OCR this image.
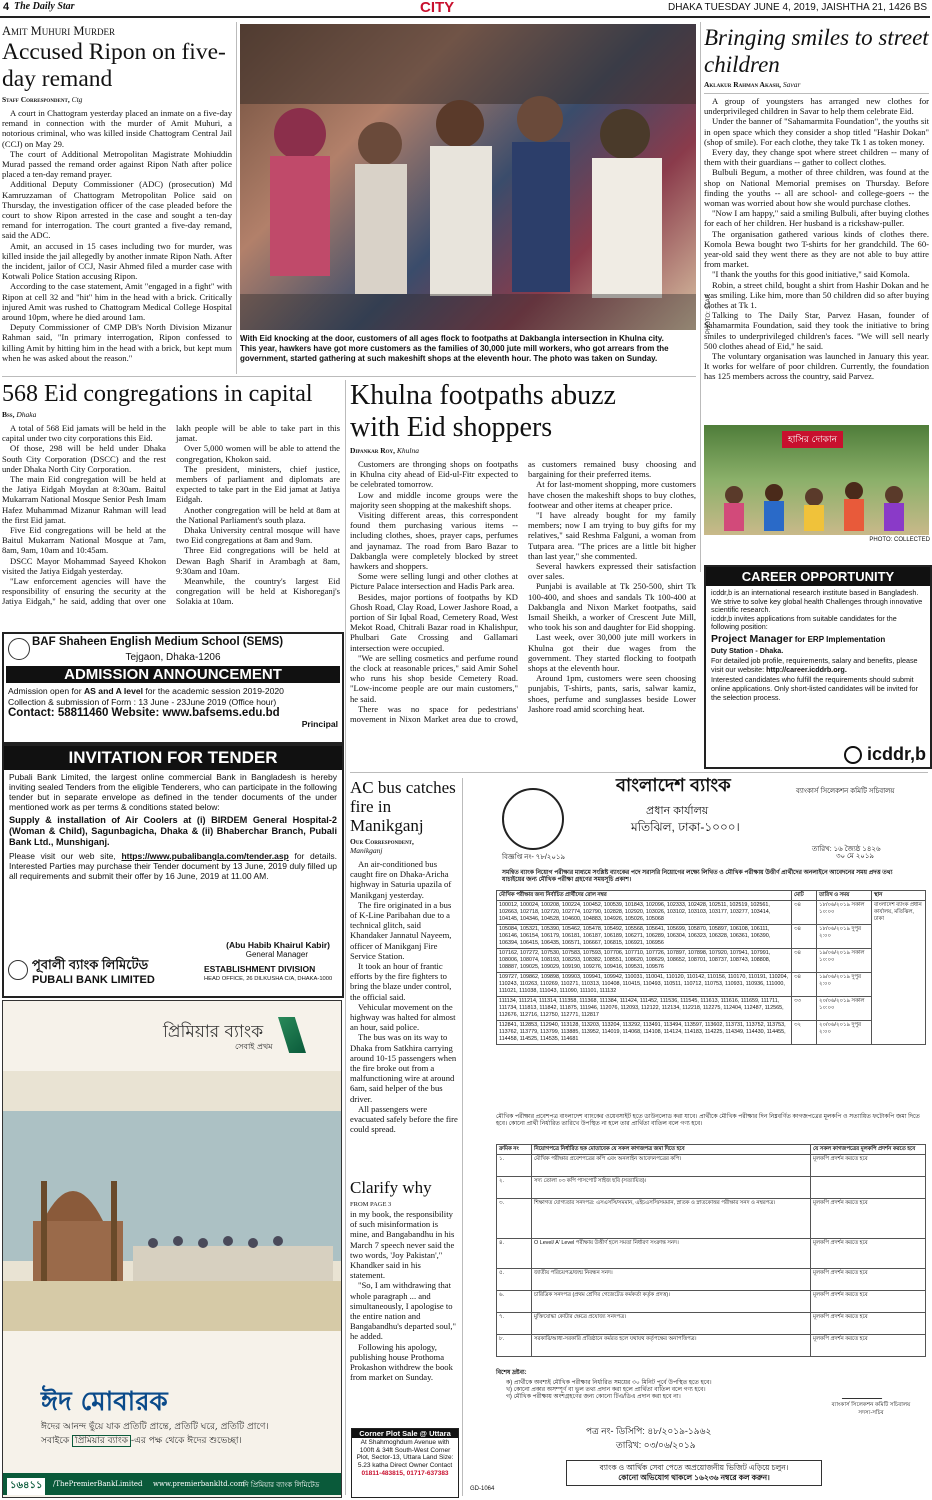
4 The Daily Star	CITY	DHAKA TUESDAY JUNE 4, 2019, JAISHTHA 21, 1426 BS
Amit Muhuri Murder
Accused Ripon on five-day remand
Staff Correspondent, Ctg

A court in Chattogram yesterday placed an inmate on a five-day remand in connection with the murder of Amit Muhuri, a notorious criminal, who was killed inside Chattogram Central Jail (CCJ) on May 29.

The court of Additional Metropolitan Magistrate Mohiuddin Murad passed the remand order against Ripon Nath after police placed a ten-day remand prayer.

Additional Deputy Commissioner (ADC) (prosecution) Md Kamruzzaman of Chattogram Metropolitan Police said on Thursday, the investigation officer of the case pleaded before the court to show Ripon arrested in the case and sought a ten-day remand for interrogation. The court granted a five-day remand, said the ADC.

Amit, an accused in 15 cases including two for murder, was killed inside the jail allegedly by another inmate Ripon Nath. After the incident, jailor of CCJ, Nasir Ahmed filed a murder case with Kotwali Police Station accusing Ripon.

According to the case statement, Amit "engaged in a fight" with Ripon at cell 32 and "hit" him in the head with a brick. Critically injured Amit was rushed to Chattogram Medical College Hospital around 10pm, where he died around 1am.

Deputy Commissioner of CMP DB's North Division Mizanur Rahman said, "In primary interrogation, Ripon confessed to killing Amit by hitting him in the head with a brick, but kept mum when he was asked about the reason."

PHOTO: STAR
With Eid knocking at the door, customers of all ages flock to footpaths at Dakbangla intersection in Khulna city. This year, hawkers have got more customers as the families of 30,000 jute mill workers, who got arrears from the government, started gathering at such makeshift shops at the eleventh hour. The photo was taken on Sunday.
Bringing smiles to street children
Aklakur Rahman Akash, Savar

A group of youngsters has arranged new clothes for underprivileged children in Savar to help them celebrate Eid.

Under the banner of "Sahamarmita Foundation", the youths sit in open space which they consider a shop titled "Hashir Dokan" (shop of smile). For each clothe, they take Tk 1 as token money.

Every day, they change spot where street children -- many of them with their guardians -- gather to collect clothes.

Bulbuli Begum, a mother of three children, was found at the shop on National Memorial premises on Thursday. Before finding the youths -- all are school- and college-goers -- the woman was worried about how she would purchase clothes.

"Now I am happy," said a smiling Bulbuli, after buying clothes for each of her children. Her husband is a rickshaw-puller.

The organisation gathered various kinds of clothes there. Komola Bewa bought two T-shirts for her grandchild. The 60-year-old said they went there as they are not able to buy attire from market.

"I thank the youths for this good initiative," said Komola.

Robin, a street child, bought a shirt from Hashir Dokan and he was smiling. Like him, more than 50 children did so after buying clothes at Tk 1.

Talking to The Daily Star, Parvez Hasan, founder of Sahamarmita Foundation, said they took the initiative to bring smiles to underprivileged children's faces. "We will sell nearly 500 clothes ahead of Eid," he said.

The voluntary organisation was launched in January this year. It works for welfare of poor children. Currently, the foundation has 125 members across the country, said Parvez.

হাসির দোকান
PHOTO: COLLECTED
568 Eid congregations in capital
Bss, Dhaka

A total of 568 Eid jamats will be held in the capital under two city corporations this Eid.

Of those, 298 will be held under Dhaka South City Corporation (DSCC) and the rest under Dhaka North City Corporation.

The main Eid congregation will be held at the Jatiya Eidgah Moydan at 8:30am. Baitul Mukarram National Mosque Senior Pesh Imam Hafez Muhammad Mizanur Rahman will lead the first Eid jamat.

Five Eid congregations will be held at the Baitul Mukarram National Mosque at 7am, 8am, 9am, 10am and 10:45am.

DSCC Mayor Mohammad Sayeed Khokon visited the Jatiya Eidgah yesterday.

"Law enforcement agencies will have the responsibility of ensuring the security at the Jatiya Eidgah," he said, adding that over one lakh people will be able to take part in this jamat.

Over 5,000 women will be able to attend the congregation, Khokon said.

The president, ministers, chief justice, members of parliament and diplomats are expected to take part in the Eid jamat at Jatiya Eidgah.

Another congregation will be held at 8am at the National Parliament's south plaza.

Dhaka University central mosque will have two Eid congregations at 8am and 9am.

Three Eid congregations will be held at Dewan Bagh Sharif in Arambagh at 8am, 9:30am and 10am.

Meanwhile, the country's largest Eid congregation will be held at Kishoreganj's Solakia at 10am.

Khulna footpaths abuzz with Eid shoppers
Dipankar Roy, Khulna

Customers are thronging shops on footpaths in Khulna city ahead of Eid-ul-Fitr expected to be celebrated tomorrow.

Low and middle income groups were the majority seen shopping at the makeshift shops.

Visiting different areas, this correspondent found them purchasing various items -- including clothes, shoes, prayer caps, perfumes and jaynamaz. The road from Baro Bazar to Dakbangla were completely blocked by street hawkers and shoppers.

Some were selling lungi and other clothes at Picture Palace intersection and Hadis Park area.

Besides, major portions of footpaths by KD Ghosh Road, Clay Road, Lower Jashore Road, a portion of Sir Iqbal Road, Cemetery Road, West Mekot Road, Chitrali Bazar road in Khalishpur, Phulbari Gate Crossing and Gallamari intersection were occupied.

"We are selling cosmetics and perfume round the clock at reasonable prices," said Amir Sohel who runs his shop beside Cemetery Road. "Low-income people are our main customers," he said.

There was no space for pedestrians' movement in Nixon Market area due to crowd, as customers remained busy choosing and bargaining for their preferred items.

At for last-moment shopping, more customers have chosen the makeshift shops to buy clothes, footwear and other items at cheaper price.

"I have already bought for my family members; now I am trying to buy gifts for my relatives," said Reshma Falguni, a woman from Tutpara area. "The prices are a little bit higher than last year," she commented.

Several hawkers expressed their satisfaction over sales.

Punjabi is available at Tk 250-500, shirt Tk 100-400, and shoes and sandals Tk 100-400 at Dakbangla and Nixon Market footpaths, said Ismail Sheikh, a worker of Crescent Jute Mill, who took his son and daughter for Eid shopping.

Last week, over 30,000 jute mill workers in Khulna got their due wages from the government. They started flocking to footpath shops at the eleventh hour.

Around 1pm, customers were seen choosing punjabis, T-shirts, pants, saris, salwar kamiz, shoes, perfume and sunglasses beside Lower Jashore road amid scorching heat.

CAREER OPPORTUNITY
icddr,b is an international research institute based in Bangladesh. We strive to solve key global health Challenges through innovative scientific research.
icddr,b invites applications from suitable candidates for the following position:
Project Manager for ERP Implementation
Duty Station - Dhaka.
For detailed job profile, requirements, salary and benefits, please visit our website: http://career.icddrb.org.
Interested candidates who fulfill the requirements should submit online applications. Only short-listed candidates will be invited for the selection process.
icddr,b
BAF Shaheen English Medium School (SEMS)
Tejgaon, Dhaka-1206
ADMISSION ANNOUNCEMENT
Admission open for AS and A level for the academic session 2019-2020
Collection & submission of Form : 13 June - 23June 2019 (Office hour)
Contact: 58811460 Website: www.bafsems.edu.bd
Principal
INVITATION FOR TENDER
Pubali Bank Limited, the largest online commercial Bank in Bangladesh is hereby inviting sealed Tenders from the eligible Tenderers, who can participate in the following tender but in separate envelope as defined in the tender documents of the under mentioned work as per terms & conditions stated below:
Supply & installation of Air Coolers at (i) BIRDEM General Hospital-2 (Woman & Child), Sagunbagicha, Dhaka & (ii) Bhaberchar Branch, Pubali Bank Ltd., Munshiganj.
Please visit our web site, https://www.pubalibangla.com/tender.asp for details. Interested Parties may purchase their Tender document by 13 June, 2019 duly filled up all requirements and submit their offer by 16 June, 2019 at 11.00 AM.
(Abu Habib Khairul Kabir)
General Manager
পূবালী ব্যাংক লিমিটেড
PUBALI BANK LIMITED
ESTABLISHMENT DIVISION
HEAD OFFICE, 26 DILKUSHA C/A, DHAKA-1000
প্রিমিয়ার ব্যাংক
সেবাই প্রথম
ঈদ মোবারক
ঈদের আনন্দ ছুঁয়ে যাক প্রতিটি প্রান্তে, প্রতিটি ঘরে, প্রতিটি প্রাণে।
সবাইকে প্রিমিয়ার ব্যাংক -এর পক্ষ থেকে ঈদের শুভেচ্ছা।
১৬৪১১	/ThePremierBankLimited www.premierbankltd.com
দি প্রিমিয়ার ব্যাংক লিমিটেড
AC bus catches fire in Manikganj
Our Correspondent,
Manikganj

An air-conditioned bus caught fire on Dhaka-Aricha highway in Saturia upazila of Manikganj yesterday.

The fire originated in a bus of K-Line Paribahan due to a technical glitch, said Khandaker Jannatul Nayeem, officer of Manikganj Fire Service Station.

It took an hour of frantic efforts by the fire fighters to bring the blaze under control, the official said.

Vehicular movement on the highway was halted for almost an hour, said police.

The bus was on its way to Dhaka from Satkhira carrying around 10-15 passengers when the fire broke out from a malfunctioning wire at around 6am, said helper of the bus driver.

All passengers were evacuated safely before the fire could spread.

Clarify why
FROM PAGE 3

in my book, the responsibility of such misinformation is mine, and Bangabandhu in his March 7 speech never said the two words, 'Joy Pakistan'," Khandker said in his statement.

"So, I am withdrawing that whole paragraph ... and simultaneously, I apologise to the entire nation and Bangabandhu's departed soul," he added.

Following his apology, publishing house Prothoma Prokashon withdrew the book from market on Sunday.

Corner Plot Sale @ Uttara
At Shahmoghdum Avenue with 100ft & 34ft South-West Corner Plot, Sector-13, Uttara Land Size: 5.23 katha Direct Owner Contact
01811-483815, 01717-637383
বাংলাদেশ ব্যাংক
প্রধান কার্যালয়
মতিঝিল, ঢাকা-১০০০।
ব্যাংকার্স সিলেকশন কমিটি সচিবালয়
বিজ্ঞপ্তি নং- ৭৮/২০১৯
তারিখ: ১৬ জ্যৈষ্ঠ ১৪২৬
৩০ মে ২০১৯
সমন্বিত ব্যাংক নিয়োগ পরীক্ষার মাধ্যমে সংশ্লিষ্ট ব্যাংকের পদে সরাসরি নিয়োগের লক্ষ্যে লিখিত ও মৌখিক পরীক্ষায় উত্তীর্ণ প্রার্থীদের অনলাইনে আবেদনের সময় প্রদত্ত তথ্য যাচাইয়ের জন্য মৌখিক পরীক্ষা গ্রহণের সময়সূচি প্রকাশ।
মৌখিক পরীক্ষার জন্য নির্বাচিত প্রার্থীদের রোল নম্বর	মোট	তারিখ ও সময়	স্থান
100012, 100024, 100208, 100224, 100452, 100539, 101843, 102096, 102333, 102428, 102511, 102519, 102561, 102663, 102718, 102720, 102774, 102790, 102828, 102920, 103026, 103102, 103103, 103177, 103277, 103414, 104145, 104346, 104528, 104600, 104883, 104926, 105026, 105068	৩৪	১৮/০৬/২০১৯ সকাল ১০:০০	বাংলাদেশ ব্যাংক প্রধান কার্যালয়, মতিঝিল, ঢাকা
105084, 105321, 105390, 105462, 105478, 105492, 105568, 105641, 105699, 105870, 105897, 106108, 106111, 106146, 106154, 106179, 106181, 106187, 106189, 106271, 106289, 106304, 106323, 106328, 106361, 106390, 106394, 106415, 106435, 106571, 106667, 106815, 106921, 106956	৩৪	১৮/০৬/২০১৯ দুপুর ২:০০	
107162, 107272, 107530, 107583, 107593, 107706, 107710, 107726, 107897, 107898, 107920, 107941, 107991, 108006, 108074, 108193, 108293, 108382, 108551, 108620, 108629, 108652, 108701, 108737, 108743, 108808, 108887, 109025, 109029, 109190, 109276, 109416, 109531, 109576	৩৪	১৯/০৬/২০১৯ সকাল ১০:০০	
109727, 109862, 109898, 109903, 109941, 109942, 110031, 110041, 110120, 110142, 110156, 110170, 110191, 110204, 110243, 110263, 110269, 110271, 110313, 110408, 110415, 110493, 110511, 110712, 110753, 110931, 110936, 111000, 111021, 111038, 111043, 111090, 111101, 111132	৩৪	১৯/০৬/২০১৯ দুপুর ২:০০	
111134, 111214, 111314, 111358, 111368, 111384, 111424, 111452, 111536, 111545, 111613, 111616, 111659, 111711, 111734, 111813, 111842, 111875, 111946, 112076, 112093, 112122, 112134, 112218, 112275, 112404, 112487, 112565, 112676, 112716, 112750, 112771, 112817	৩৩	২০/০৬/২০১৯ সকাল ১০:০০	
112841, 112853, 112940, 113128, 113203, 113204, 113292, 113491, 113494, 113597, 113602, 113731, 113752, 113753, 113762, 113779, 113799, 113885, 113952, 114019, 114068, 114108, 114124, 114183, 114225, 114349, 114430, 114455, 114458, 114525, 114535, 114681	৩২	২০/০৬/২০১৯ দুপুর ২:০০	
মৌখিক পরীক্ষার প্রবেশপত্র বাংলাদেশ ব্যাংকের ওয়েবসাইট হতে ডাউনলোড করা যাবে। প্রার্থীকে মৌখিক পরীক্ষার দিন নিম্নবর্ণিত কাগজপত্রের মূলকপি ও সত্যায়িত ফটোকপি জমা দিতে হবে। কোনো প্রার্থী নির্ধারিত তারিখে উপস্থিত না হলে তার প্রার্থিতা বাতিল বলে গণ্য হবে।
ক্রমিক নং	নিয়োগপত্রে নির্ধারিত ছক মোতাবেক যে সকল কাগজপত্র জমা দিতে হবে	যে সকল কাগজপত্রের মূলকপি প্রদর্শন করতে হবে
১.	মৌখিক পরীক্ষার প্রবেশপত্রের কপি এবং অনলাইন আবেদনপত্রের কপি।	মূলকপি প্রদর্শন করতে হবে
২.	সদ্য তোলা ০৩ কপি পাসপোর্ট সাইজ ছবি (সত্যায়িত)।	
৩.	শিক্ষাগত যোগ্যতার সনদপত্র: এসএসসি/সমমান, এইচএসসি/সমমান, স্নাতক ও স্নাতকোত্তর পরীক্ষার সনদ ও নম্বরপত্র।	মূলকপি প্রদর্শন করতে হবে
৪.	O Level/ A' Level পরীক্ষায় উত্তীর্ণ হলে সমতা নির্ধারণ সংক্রান্ত সনদ।	মূলকপি প্রদর্শন করতে হবে
৫.	জাতীয় পরিচয়পত্র/জন্ম নিবন্ধন সনদ।	মূলকপি প্রদর্শন করতে হবে
৬.	চারিত্রিক সনদপত্র (প্রথম শ্রেণির গেজেটেড কর্মকর্তা কর্তৃক প্রদত্ত)।	মূলকপি প্রদর্শন করতে হবে
৭.	মুক্তিযোদ্ধা কোটার ক্ষেত্রে প্রযোজ্য সনদপত্র।	মূলকপি প্রদর্শন করতে হবে
৮.	সরকারি/আধা-সরকারি প্রতিষ্ঠানে কর্মরত হলে যথাযথ কর্তৃপক্ষের অনাপত্তিপত্র।	মূলকপি প্রদর্শন করতে হবে
বিশেষ দ্রষ্টব্য:
ক) প্রার্থীকে অবশ্যই মৌখিক পরীক্ষার নির্ধারিত সময়ের ৩০ মিনিট পূর্বে উপস্থিত হতে হবে।
খ) কোনো প্রকার অসম্পূর্ণ বা ভুল তথ্য প্রদান করা হলে প্রার্থিতা বাতিল বলে গণ্য হবে।
গ) মৌখিক পরীক্ষায় অংশগ্রহণের জন্য কোনো টিএ/ডিএ প্রদান করা হবে না।
ব্যাংকার্স সিলেকশন কমিটি সচিবালয়
সদস্য-সচিব
পত্র নং- ডিসিপি: ৪৮/২০১৯-১৯৬২
তারিখ: ০৩/০৬/২০১৯
ব্যাংক ও আর্থিক সেবা পেতে অপ্রয়োজনীয় ভিজিট এড়িয়ে চলুন।
কোনো অভিযোগ থাকলে ১৬২৩৬ নম্বরে কল করুন।
GD-1064
